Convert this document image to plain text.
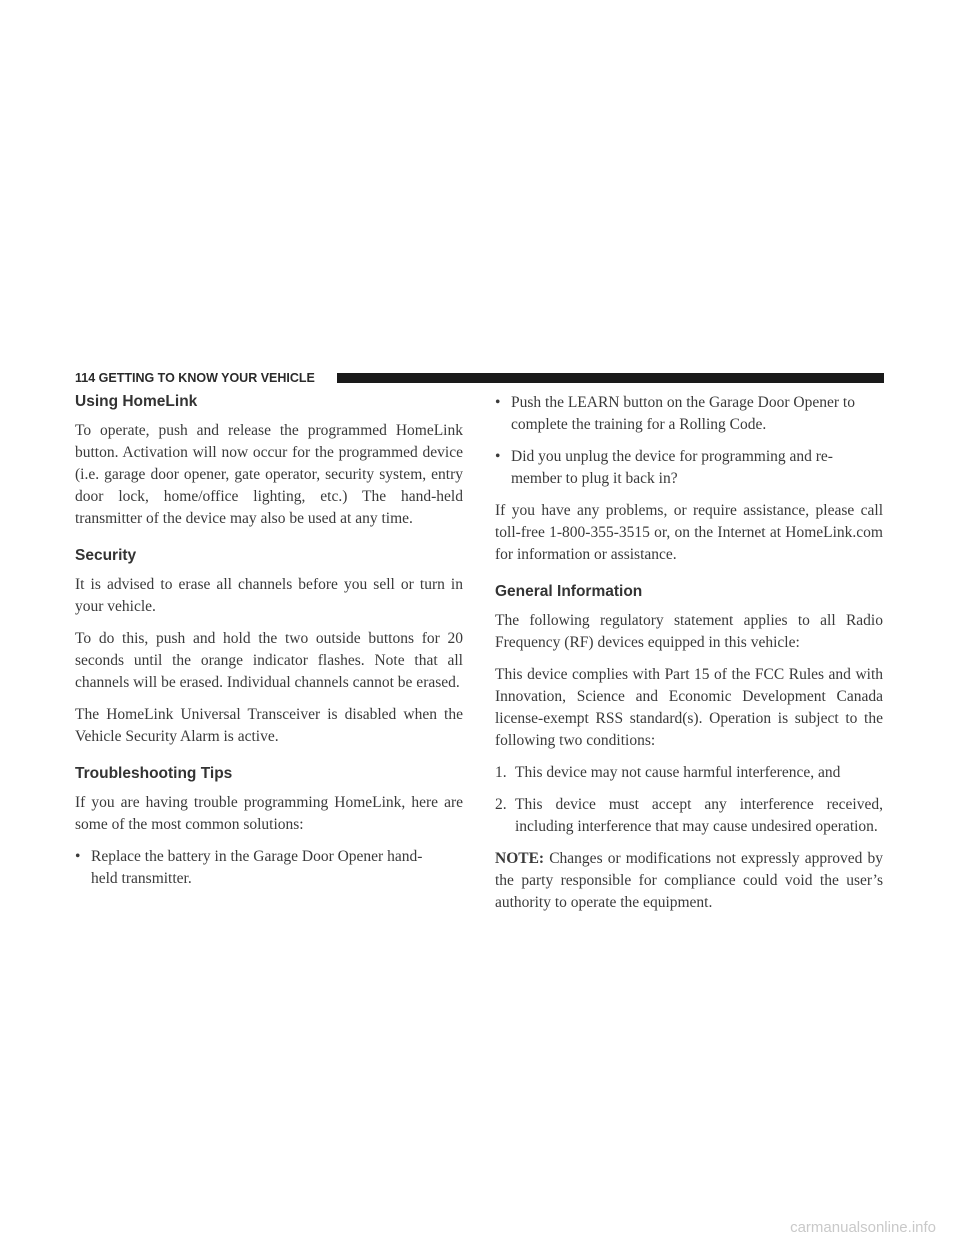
114 GETTING TO KNOW YOUR VEHICLE
Using HomeLink

To operate, push and release the programmed HomeLink button. Activation will now occur for the programmed device (i.e. garage door opener, gate operator, security system, entry door lock, home/office lighting, etc.) The hand-held transmitter of the device may also be used at any time.

Security

It is advised to erase all channels before you sell or turn in your vehicle.

To do this, push and hold the two outside buttons for 20 seconds until the orange indicator flashes. Note that all channels will be erased. Individual channels cannot be erased.

The HomeLink Universal Transceiver is disabled when the Vehicle Security Alarm is active.

Troubleshooting Tips

If you are having trouble programming HomeLink, here are some of the most common solutions:

• Replace the battery in the Garage Door Opener hand-
held transmitter.
• Push the LEARN button on the Garage Door Opener to
complete the training for a Rolling Code.
• Did you unplug the device for programming and re-
member to plug it back in?

If you have any problems, or require assistance, please call toll-free 1-800-355-3515 or, on the Internet at HomeLink.com for information or assistance.

General Information

The following regulatory statement applies to all Radio Frequency (RF) devices equipped in this vehicle:

This device complies with Part 15 of the FCC Rules and with Innovation, Science and Economic Development Canada license-exempt RSS standard(s). Operation is subject to the following two conditions:

1. This device may not cause harmful interference, and
2. This device must accept any interference received, including interference that may cause undesired operation.

NOTE: Changes or modifications not expressly approved by the party responsible for compliance could void the user’s authority to operate the equipment.

carmanualsonline.info
